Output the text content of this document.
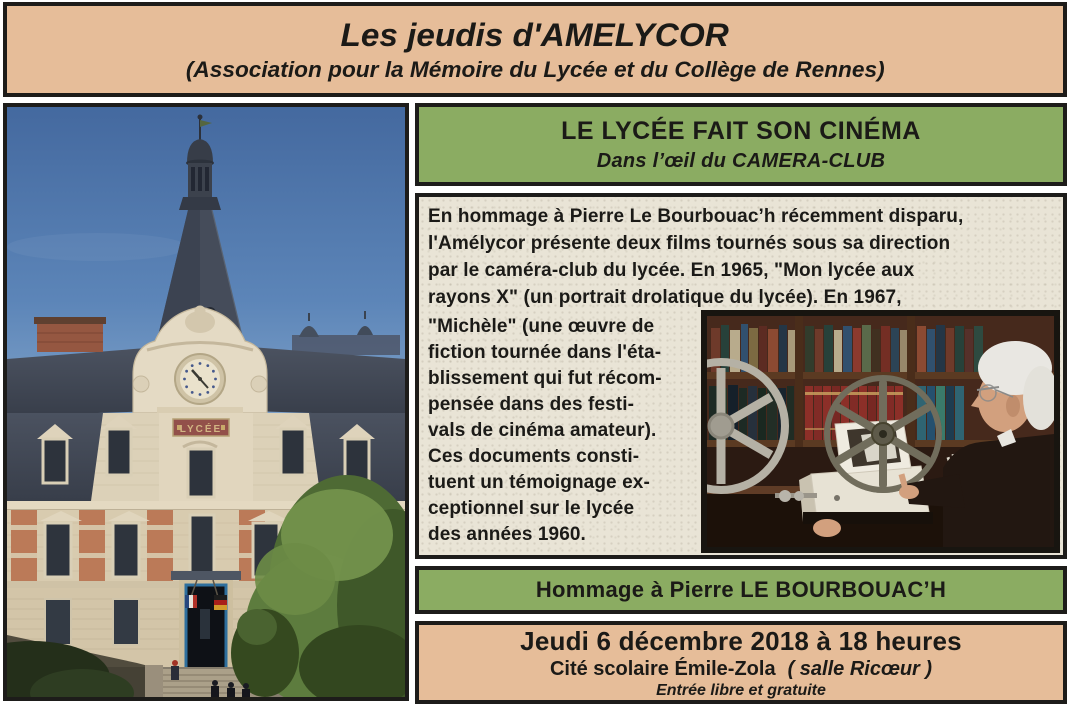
Les jeudis d'AMELYCOR
(Association pour la Mémoire du Lycée et du Collège de Rennes)
LYCÉE
LE LYCÉE FAIT SON CINÉMA
Dans l’œil du CAMERA-CLUB
En hommage à Pierre Le Bourbouac’h récemment disparu,
l'Amélycor présente deux films tournés sous sa direction
par le caméra-club du lycée. En 1965, "Mon lycée aux
rayons X" (un portrait drolatique du lycée). En 1967,
"Michèle" (une œuvre de
fiction tournée dans l'éta-
blissement qui fut récom-
pensée dans des festi-
vals de cinéma amateur).
Ces documents consti-
tuent un témoignage ex-
ceptionnel sur le lycée
des années 1960.
Hommage à Pierre LE BOURBOUAC’H
Jeudi 6 décembre 2018 à 18 heures
Cité scolaire Émile-Zola ( salle Ricœur )
Entrée libre et gratuite
